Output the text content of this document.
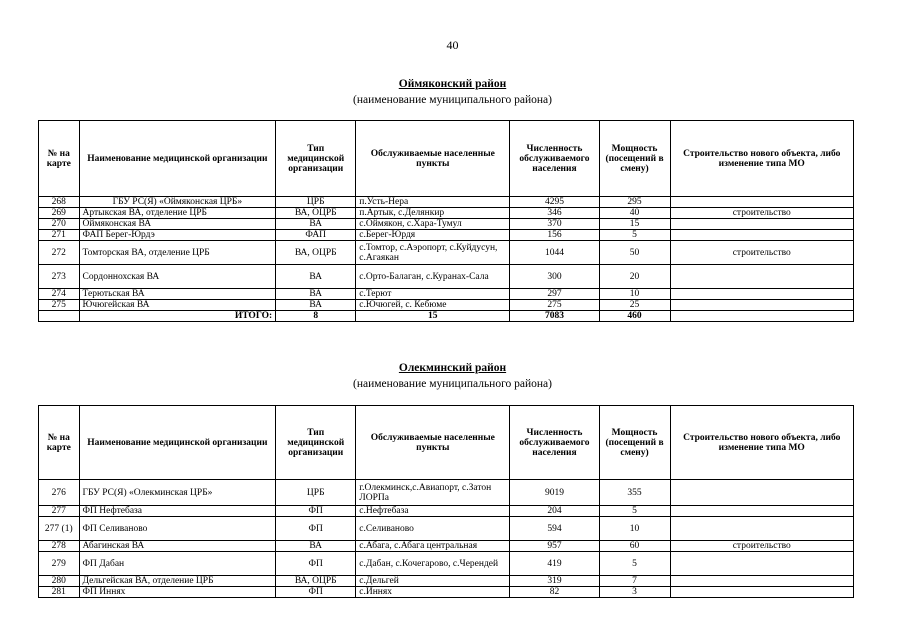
40
Оймяконский район
(наименование муниципального района)
№ на карте	Наименование медицинской организации	Тип медицинской организации	Обслуживаемые населенные пункты	Численность обслуживаемого населения	Мощность (посещений в смену)	Строительство нового объекта, либо изменение типа МО
268	ГБУ РС(Я) «Оймяконская ЦРБ»	ЦРБ	п.Усть-Нера	4295	295	
269	Артыкская ВА, отделение ЦРБ	ВА, ОЦРБ	п.Артык, с.Делянкир	346	40	строительство
270	Оймяконская ВА	ВА	с.Оймякон, с.Хара-Тумул	370	15	
271	ФАП Берег-Юрдэ	ФАП	с.Берег-Юрдя	156	5	
272	Томторская ВА, отделение ЦРБ	ВА, ОЦРБ	с.Томтор, с.Аэропорт, с.Куйдусун, с.Агаякан	1044	50	строительство
273	Сордоннохская ВА	ВА	с.Орто-Балаган, с.Куранах-Сала	300	20	
274	Терютьская ВА	ВА	с.Терют	297	10	
275	Ючюгейская ВА	ВА	с.Ючюгей, с. Кебюме	275	25	
	ИТОГО:	8	15	7083	460	
Олекминский район
(наименование муниципального района)
№ на карте	Наименование медицинской организации	Тип медицинской организации	Обслуживаемые населенные пункты	Численность обслуживаемого населения	Мощность (посещений в смену)	Строительство нового объекта, либо изменение типа МО
276	ГБУ РС(Я) «Олекминская ЦРБ»	ЦРБ	г.Олекминск,с.Авиапорт, с.Затон ЛОРПа	9019	355	
277	ФП Нефтебаза	ФП	с.Нефтебаза	204	5	
277 (1)	ФП Селиваново	ФП	с.Селиваново	594	10	
278	Абагинская ВА	ВА	с.Абага, с.Абага центральная	957	60	строительство
279	ФП Дабан	ФП	с.Дабан, с.Кочегарово, с.Черендей	419	5	
280	Дельгейская ВА, отделение ЦРБ	ВА, ОЦРБ	с.Дельгей	319	7	
281	ФП Иннях	ФП	с.Иннях	82	3	
